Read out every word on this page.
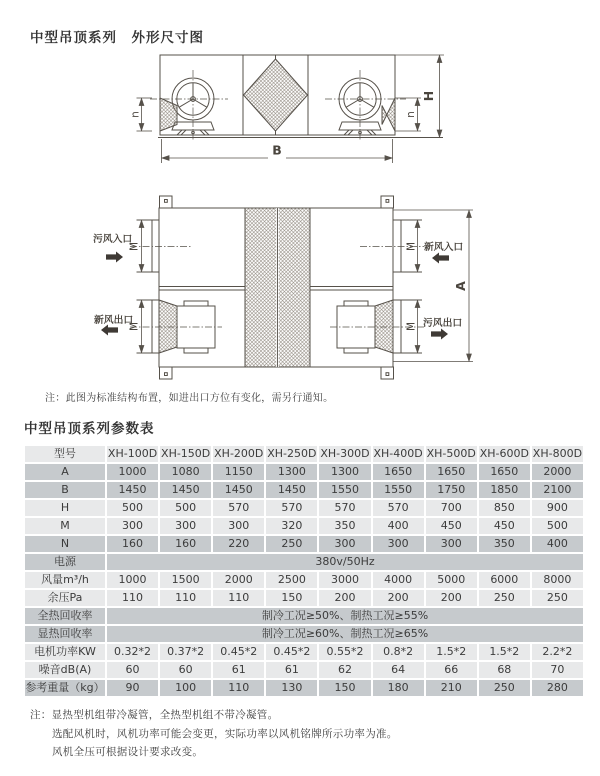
中型吊顶系列　外形尺寸图
B
H
n	n
A
M	M
M	M
污风入口
新风入口
新风出口	污风出口
注：此图为标准结构布置，如进出口方位有变化，需另行通知。
中型吊顶系列参数表
型号	XH-100D XH-150D XH-200D XH-250D XH-300D XH-400D XH-500D XH-600D XH-800D
A	1000	1080	1150	1300	1300	1650	1650	1650	2000
B	1450	1450	1450	1450	1550	1550	1750	1850	2100
H	500	500	570	570	570	570	700	850	900
M	300	300	300	320	350	400	450	450	500
N	160	160	220	250	300	300	300	350	400
电源	380v/50Hz
风量m³/h	1000	1500	2000	2500	3000	4000	5000	6000	8000
余压Pa	110	110	110	150	200	200	200	250	250
全热回收率	制冷工况≥50%、制热工况≥55%
显热回收率	制冷工况≥60%、制热工况≥65%
电机功率KW	0.32*2	0.37*2	0.45*2	0.45*2	0.55*2	0.8*2	1.5*2	1.5*2	2.2*2
噪音dB(A)	60	60	61	61	62	64	66	68	70
参考重量（kg）	90	100	110	130	150	180	210	250	280
注：显热型机组带冷凝管，全热型机组不带冷凝管。
选配风机时，风机功率可能会变更，实际功率以风机铭牌所示功率为准。
风机全压可根据设计要求改变。
